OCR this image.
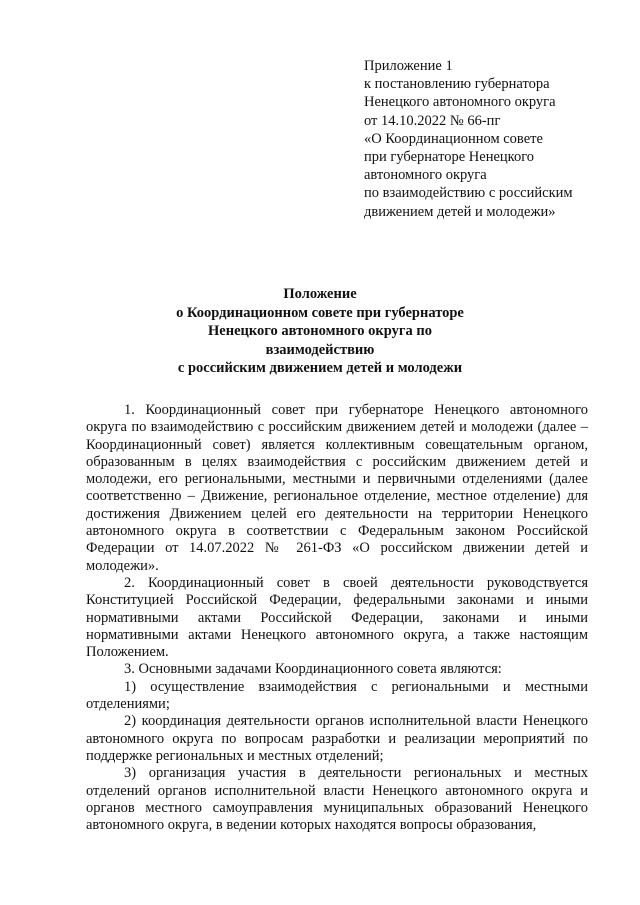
Приложение 1
к постановлению губернатора
Ненецкого автономного округа
от 14.10.2022 № 66-пг
«О Координационном совете
при губернаторе Ненецкого
автономного округа
по взаимодействию с российским
движением детей и молодежи»
Положение
о Координационном совете при губернаторе
Ненецкого автономного округа по
взаимодействию
с российским движением детей и молодежи

1. Координационный совет при губернаторе Ненецкого автономного округа по взаимодействию с российским движением детей и молодежи (далее – Координационный совет) является коллективным совещательным органом, образованным в целях взаимодействия с российским движением детей и молодежи, его региональными, местными и первичными отделениями (далее соответственно – Движение, региональное отделение, местное отделение) для достижения Движением целей его деятельности на территории Ненецкого автономного округа в соответствии с Федеральным законом Российской Федерации от 14.07.2022 № 261-ФЗ «О российском движении детей и молодежи».

2. Координационный совет в своей деятельности руководствуется Конституцией Российской Федерации, федеральными законами и иными нормативными актами Российской Федерации, законами и иными нормативными актами Ненецкого автономного округа, а также настоящим Положением.

3. Основными задачами Координационного совета являются:

1) осуществление взаимодействия с региональными и местными отделениями;

2) координация деятельности органов исполнительной власти Ненецкого автономного округа по вопросам разработки и реализации мероприятий по поддержке региональных и местных отделений;

3) организация участия в деятельности региональных и местных отделений органов исполнительной власти Ненецкого автономного округа и органов местного самоуправления муниципальных образований Ненецкого автономного округа, в ведении которых находятся вопросы образования,
